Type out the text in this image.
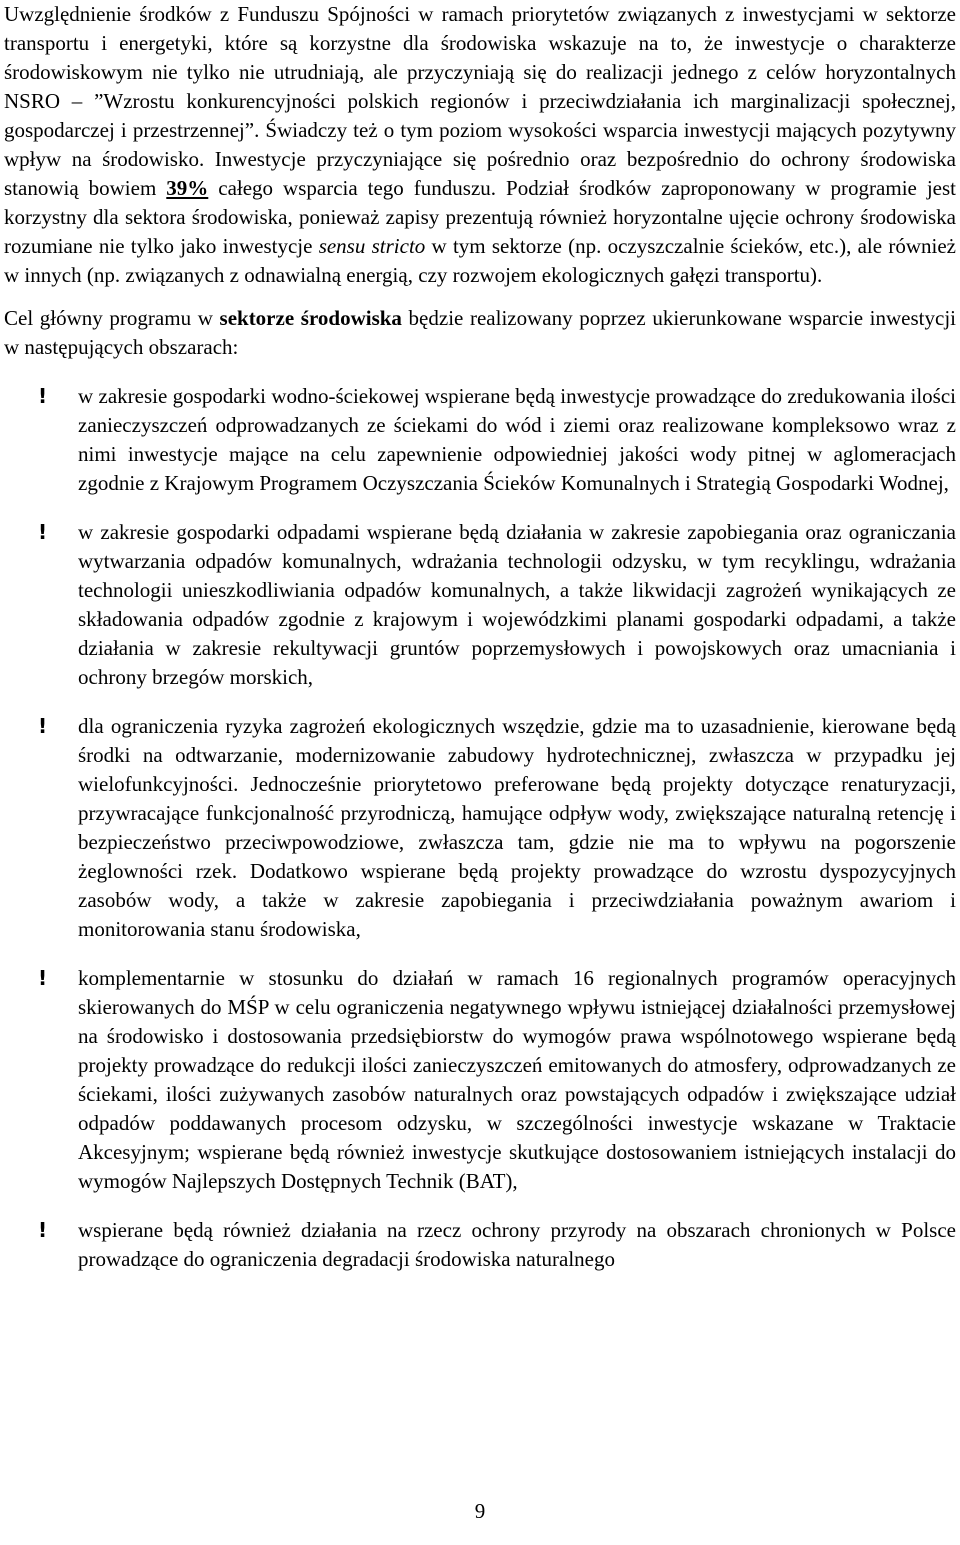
Uwzględnienie środków z Funduszu Spójności w ramach priorytetów związanych z inwestycjami w sektorze transportu i energetyki, które są korzystne dla środowiska wskazuje na to, że inwestycje o charakterze środowiskowym nie tylko nie utrudniają, ale przyczyniają się do realizacji jednego z celów horyzontalnych NSRO – ”Wzrostu konkurencyjności polskich regionów i przeciwdziałania ich marginalizacji społecznej, gospodarczej i przestrzennej”. Świadczy też o tym poziom wysokości wsparcia inwestycji mających pozytywny wpływ na środowisko. Inwestycje przyczyniające się pośrednio oraz bezpośrednio do ochrony środowiska stanowią bowiem 39% całego wsparcia tego funduszu. Podział środków zaproponowany w programie jest korzystny dla sektora środowiska, ponieważ zapisy prezentują również horyzontalne ujęcie ochrony środowiska rozumiane nie tylko jako inwestycje sensu stricto w tym sektorze (np. oczyszczalnie ścieków, etc.), ale również w innych (np. związanych z odnawialną energią, czy rozwojem ekologicznych gałęzi transportu).

Cel główny programu w sektorze środowiska będzie realizowany poprzez ukierunkowane wsparcie inwestycji w następujących obszarach:

! w zakresie gospodarki wodno-ściekowej wspierane będą inwestycje prowadzące do zredukowania ilości zanieczyszczeń odprowadzanych ze ściekami do wód i ziemi oraz realizowane kompleksowo wraz z nimi inwestycje mające na celu zapewnienie odpowiedniej jakości wody pitnej w aglomeracjach zgodnie z Krajowym Programem Oczyszczania Ścieków Komunalnych i Strategią Gospodarki Wodnej,
! w zakresie gospodarki odpadami wspierane będą działania w zakresie zapobiegania oraz ograniczania wytwarzania odpadów komunalnych, wdrażania technologii odzysku, w tym recyklingu, wdrażania technologii unieszkodliwiania odpadów komunalnych, a także likwidacji zagrożeń wynikających ze składowania odpadów zgodnie z krajowym i wojewódzkimi planami gospodarki odpadami, a także działania w zakresie rekultywacji gruntów poprzemysłowych i powojskowych oraz umacniania i ochrony brzegów morskich,
! dla ograniczenia ryzyka zagrożeń ekologicznych wszędzie, gdzie ma to uzasadnienie, kierowane będą środki na odtwarzanie, modernizowanie zabudowy hydrotechnicznej, zwłaszcza w przypadku jej wielofunkcyjności. Jednocześnie priorytetowo preferowane będą projekty dotyczące renaturyzacji, przywracające funkcjonalność przyrodniczą, hamujące odpływ wody, zwiększające naturalną retencję i bezpieczeństwo przeciwpowodziowe, zwłaszcza tam, gdzie nie ma to wpływu na pogorszenie żeglowności rzek. Dodatkowo wspierane będą projekty prowadzące do wzrostu dyspozycyjnych zasobów wody, a także w zakresie zapobiegania i przeciwdziałania poważnym awariom i monitorowania stanu środowiska,
! komplementarnie w stosunku do działań w ramach 16 regionalnych programów operacyjnych skierowanych do MŚP w celu ograniczenia negatywnego wpływu istniejącej działalności przemysłowej na środowisko i dostosowania przedsiębiorstw do wymogów prawa wspólnotowego wspierane będą projekty prowadzące do redukcji ilości zanieczyszczeń emitowanych do atmosfery, odprowadzanych ze ściekami, ilości zużywanych zasobów naturalnych oraz powstających odpadów i zwiększające udział odpadów poddawanych procesom odzysku, w szczególności inwestycje wskazane w Traktacie Akcesyjnym; wspierane będą również inwestycje skutkujące dostosowaniem istniejących instalacji do wymogów Najlepszych Dostępnych Technik (BAT),
! wspierane będą również działania na rzecz ochrony przyrody na obszarach chronionych w Polsce prowadzące do ograniczenia degradacji środowiska naturalnego
9
